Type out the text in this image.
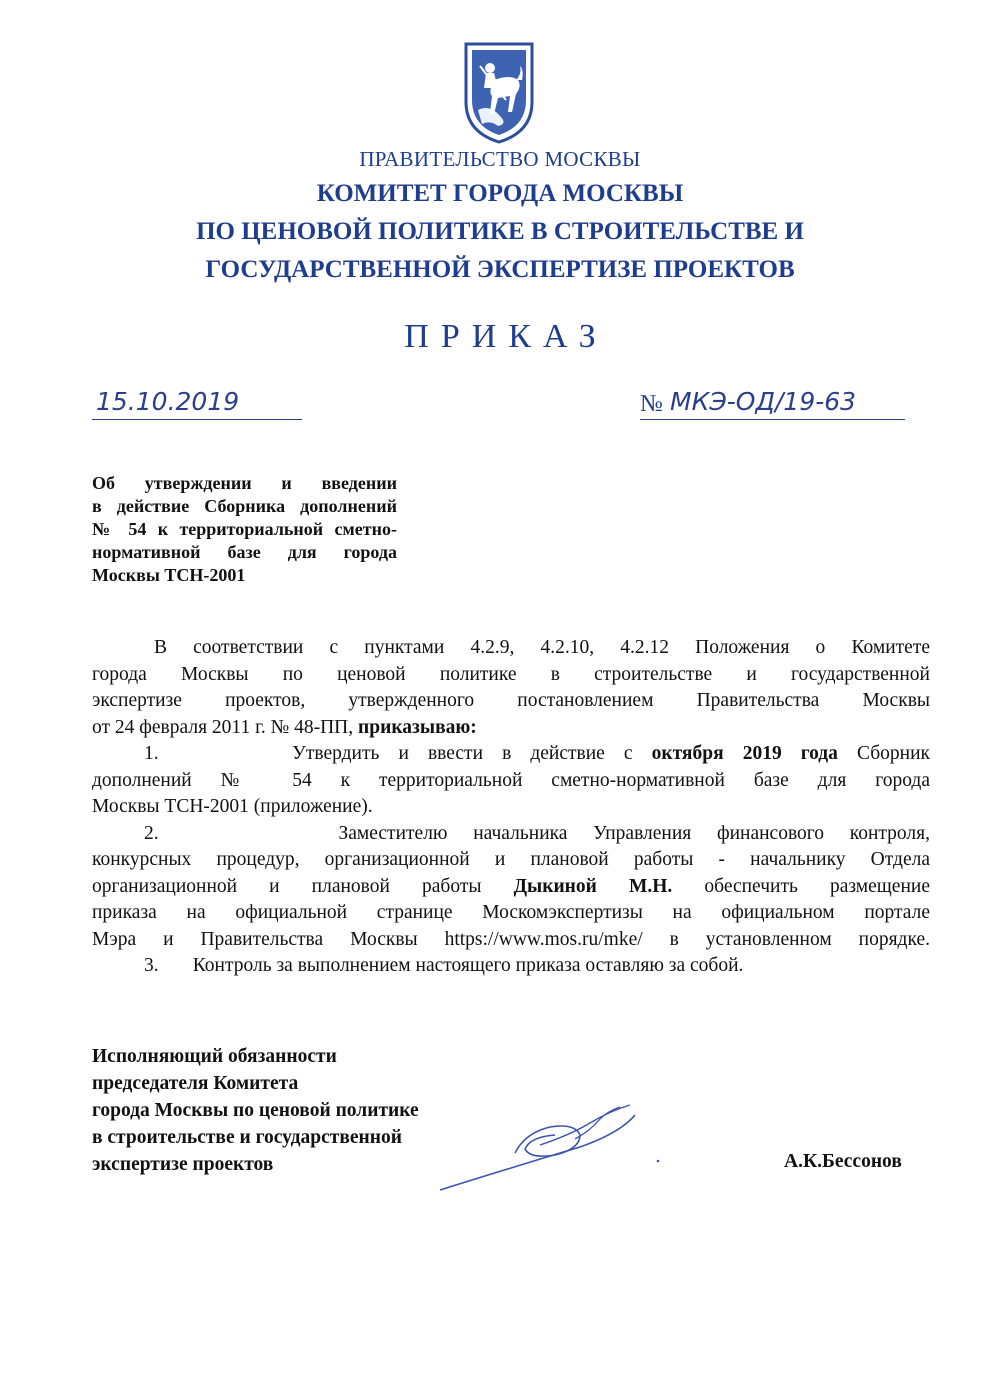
ПРАВИТЕЛЬСТВО МОСКВЫ
КОМИТЕТ ГОРОДА МОСКВЫ
ПО ЦЕНОВОЙ ПОЛИТИКЕ В СТРОИТЕЛЬСТВЕ И
ГОСУДАРСТВЕННОЙ ЭКСПЕРТИЗЕ ПРОЕКТОВ
ПРИКАЗ
15.10.2019	№ МКЭ-ОД/19-63
Об утверждении и введении
в действие Сборника дополнений
№ 54 к территориальной сметно-
нормативной базе для города
Москвы ТСН-2001
В соответствии с пунктами 4.2.9, 4.2.10, 4.2.12 Положения о Комитете
города Москвы по ценовой политике в строительстве и государственной
экспертизе проектов, утвержденного постановлением Правительства Москвы
от 24 февраля 2011 г. № 48-ПП, приказываю:
1.	Утвердить и ввести в действие с октября 2019 года Сборник
дополнений № 54 к территориальной сметно-нормативной базе для города
Москвы ТСН-2001 (приложение).
2.	Заместителю начальника Управления финансового контроля,
конкурсных процедур, организационной и плановой работы - начальнику Отдела
организационной и плановой работы Дыкиной М.Н. обеспечить размещение
приказа на официальной странице Москомэкспертизы на официальном портале
Мэра и Правительства Москвы https://www.mos.ru/mke/ в установленном порядке.
3. Контроль за выполнением настоящего приказа оставляю за собой.
Исполняющий обязанности
председателя Комитета
города Москвы по ценовой политике
в строительстве и государственной
экспертизе проектов	А.К.Бессонов
